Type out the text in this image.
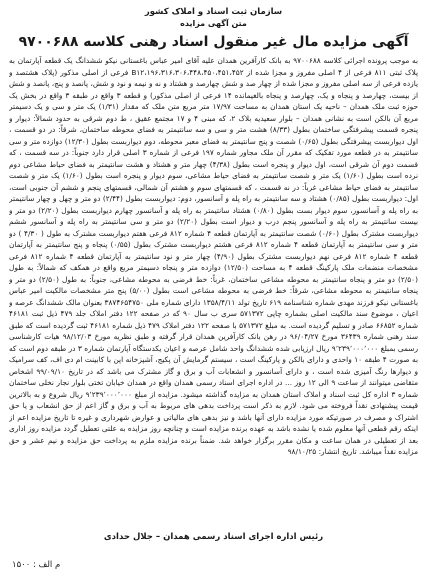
سازمان ثبت اسناد و املاک کشور
متن آگهی مزایده
آگهی مزایده مال غیر منقول اسناد رهنی کلاسه ۹۷۰۰۶۸۸
به موجب پرونده اجرائی کلاسه ۹۷۰۰۶۸۸ به بانک کارآفرین همدان علیه آقای امیر عباس باغستانی نیکو ششدانگ یک قطعه آپارتمان به پلاک ثبتی ۸۱۱ فرعی از ۴ اصلی مفروز و مجزا شده از ۳۱۶،۳۰۶،۴۴۸،۴۵۰،۴۵۱،۴۵۲،B۱۲،۱۹۶ فرعی از اصلی مذکور (پلاک هشتصد و یازده فرعی از سه اصلی مفروز و مجزا شده از چهار صد و شش چهارصد و هشتاد و نه و نیمه و نود و شش، پانصد و پنج، پانصد و شش از بیست، چهارصد و پنجاه و یک، چهارصد و پنجاه بالغیمانده ۱۴ فرعی از اصلی مذکور) و قطعه ۳ واقع در طبقه ۳ واقع در بخش یک حوزه ثبت ملک همدان – ناحیه یک استان همدان به مساحت ۱۷/۹۷ متر مربع متن ملک که مقدار (۱/۳۱) یک متر و سی و یک دسیمتر مربع آن بالکن است به نشانی همدان – بلوار سعیدیه بلاک ۲، که مبنی ۴ و ۱۷ مجتمع عقیق ، ط دوم شرقی به حدود شمالاً: دیوار و پنجره قسمت پیشرفتگی ساختمان بطول (۸/۳۳) هشت متر و سی و سه سانتیمتر به فضای محوطه ساختمان، شرقاً: در دو قسمت ، اول دیواربست پیشرفتگی بطول (۰/۶۵) شصت و پنج سانتیمتر به فضای معبر محوطه، دوم دیواربست بطول (۱۲/۳۰) دوازده متر و سی سانتیمتر به در قطعه مورد تفکیک که مقرر آن ملک مجاور شماره ۱۹۷ فرعی از شماره ۳ اصلی قرار دارد جنوباً: در سه قسمت ، که قسمت دوم آن شرقی است، اول دیوار و پنجره است بطول (۴/۳۸) چهار متر و هشتاد و هشت سانتیمتر به فضای حیاط مشاعی دوم نرده است بطول (۱/۶۰) یک متر و شصت سانتیمتر به فضای حیاط مشاعی، سوم دیوار و پنجره است بطول (۱/۶۰) یک متر و شصت سانتیمتر به فضای حیاط مشاعی غرباً: در نه قسمت ، که قسمتهای سوم و هشتم آن شمالی، قسمتهای پنجم و ششم آن جنوبی است، اول: دیواربست بطول (۰/۸۵) هشتاد و سه سانتیمتر به راه پله و آسانسور، دوم: دیواربست بطول (۲/۴۴) دو متر و چهل و چهار سانتیمتر به راه پله و آسانسور، سوم دیوار بست بطول (۰/۸۰) هشتاد سانتیمتر به راه پله و آسانسور چهارم دیواربست بطول (۲/۲۰) دو متر و بیست سانتیمتر به راه پله و آسانسور پنجم درب و دیوار است بطول (۲/۲۰) دو متر و سی سانتیمتر به راه پله و آسانسور ششم دیواربست مشترک بطول (۰/۶۰) شصت سانتیمتر به آپارتمان قطعه ۴ شماره ۸۱۲ فرعی هفتم دیواربست مشترک به طول ( ۴/۳۰ ) دو متر و سی سانتیمتر به آپارتمان قطعه ۴ شماره ۸۱۲ فرعی هشتم دیواربست مشترک بطول (۰/۵۵) پنجاه و پنج سانتیمتر به آپارتمان قطعه ۴ شماره ۸۱۲ فرعی نهم دیواربست مشترک بطول (۴/۹۰) چهار متر و نود سانتیمتر به آپارتمان قطعه ۴ شماره ۸۱۲ فرعی مشخصات منضمات ملک پارکینگ قطعه ۴ به مساحت (۱۲/۵۰) دوازده متر و پنجاه دسیمتر مربع واقع در همکف که شمالاً: به طول (۲/۵۰) دو متر و پنجاه سانتیمتر به محوطه مشاعی ساختمان، غرباً: خط فرضی به محوطه مشاعی، جنوباً: به طول (۲/۵۰) دو متر و پنجاه سانتیمتر به محوطه مشاعی، شرقاً: خط فرضی به محوطه مشاعی است بطول (۵/۰۰) پنج متر مشخصات مالکیت امیر عباس باغستانی نیکو فرزند مهدی شماره شناسنامه ۶۱۹ تاریخ تولد ۱۳۵۸/۴/۱۱ دارای شماره ملی ۳۸۷۴۶۵۴۷۵۰ بعنوان مالک ششدانگ عرصه و اعیان ، موضوع سند مالکیت اصلی بشماره چاپی ۵۷۱۳۷۲ سری ب سال ۹۰ که در صفحه ۱۲۲ دفتر املاک جلد ۴۷۹ ذیل ثبت ۴۶۱۸۱ شماره ۶۶۸۵۲ صادر و تسلیم گردیده است. به مبلغ ۵۷۱۳۷۲ با صفحه ۱۲۲ دفتر املاک ۴۷۹ ذیل شماره ۴۶۱۸۱ ثبت گردیده است که طبق سند رهنی شماره ۳۶۴۳۹ مورخ ۹۶/۰۴/۲۷ در رهن بانک کارآفرین همدان قرار گرفته و طبق نظریه مورخ ۹۸/۱۲/۰۳ هیات کارشناسی رسمی بمبلغ ۹٬۲۳۹٬۰۰۰٬۰۰۰ ریال ارزیابی شده ششدانگ واحد شامل عرصه و اعیان یکدستگاه آپارتمان شماره ۳ در طبقه دوم است که به صورت ۴ طبقه ۱۰ واحدی و دارای بالکن و پارکینگ است ، سیستم گرمایش آن پکیج، آشپزخانه اپن با کابینت ام دی اف، کف سرامیک و دیوارها رنگ آمیزی شده است ، و دارای آسانسور و انشعابات آب و برق و گاز مشترک می باشد که در تاریخ ۹۹/۰۹/۱۰ اشخاص متقاضی میتوانند از ساعت ۹ الی ۱۲ روز ... در اداره اجرای اسناد رسمی همدان واقع در همدان خیابان تختی بلوار نجار نخلی ساختمان شماره ۳ اداره کل ثبت اسناد و املاک استان همدان به مزایده گذاشته میشود. مزایده از مبلغ ۹٬۲۳۹٬۰۰۰٬۰۰۰ ریال شروع و به بالاترین قیمت پیشنهادی نقداً فروخته می شود. لازم به ذکر است پرداخت بدهی های مربوط به آب و برق و گاز اعم از حق انشعاب و یا حق اشتراک و مصرف در صورتیکه مورد مزایده دارای آنها باشد و نیز بدهی های مالیاتی و عوارض شهرداری و غیره تا تاریخ مزایده اعم از اینکه رقم قطعی آنها معلوم شده یا نشده باشد به عهده برنده مزایده است و چنانچه روز مزایده به علتی تعطیل گردد مزایده روز اداری بعد از تعطیلی در همان ساعت و مکان مقرر برگزار خواهد شد. ضمناً برنده مزایده ملزم به پرداخت حق مزایده و نیم عشر و حق مزایده نقداً میباشد. تاریخ انتشار: ۹۸/۱۰/۲۵
رئیس اداره اجرای اسناد رسمی همدان – جلال حدادی
م الف : ۱۵۰۰
